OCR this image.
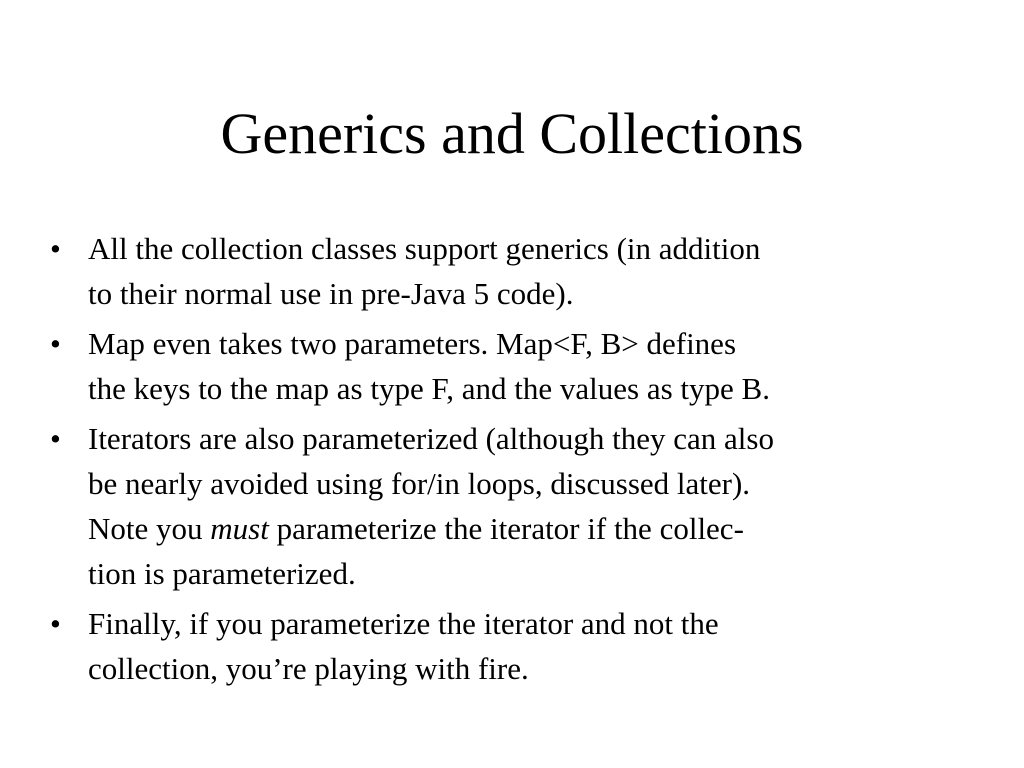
Generics and Collections
• All the collection classes support generics (in addition
to their normal use in pre-Java 5 code).
• Map even takes two parameters. Map<F, B> defines
the keys to the map as type F, and the values as type B.
• Iterators are also parameterized (although they can also
be nearly avoided using for/in loops, discussed later).
Note you must parameterize the iterator if the collec-
tion is parameterized.
• Finally, if you parameterize the iterator and not the
collection, you’re playing with fire.
